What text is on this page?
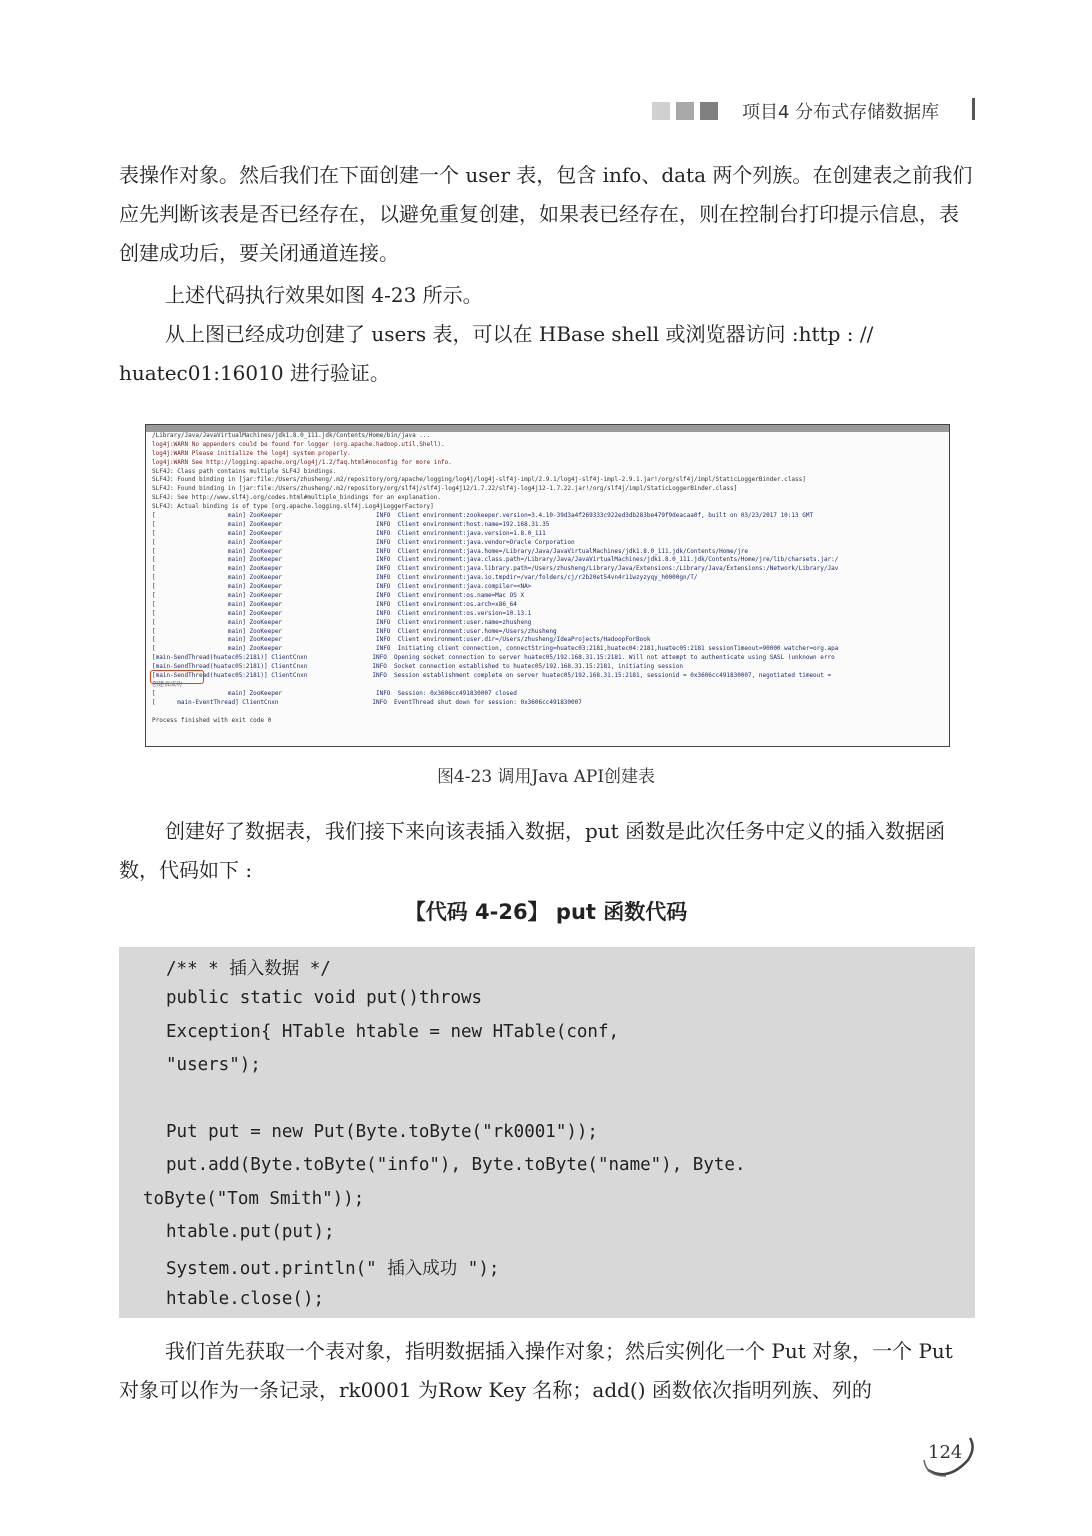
项目4 分布式存储数据库

表操作对象。然后我们在下面创建一个 user 表，包含 info、data 两个列族。在创建表之前我们应先判断该表是否已经存在，以避免重复创建，如果表已经存在，则在控制台打印提示信息，表创建成功后，要关闭通道连接。

上述代码执行效果如图 4-23 所示。

从上图已经成功创建了 users 表，可以在 HBase shell 或浏览器访问 :http : // huatec01:16010 进行验证。

/Library/Java/JavaVirtualMachines/jdk1.8.0_111.jdk/Contents/Home/bin/java ...
log4j:WARN No appenders could be found for logger (org.apache.hadoop.util.Shell).
log4j:WARN Please initialize the log4j system properly.
log4j:WARN See http://logging.apache.org/log4j/1.2/faq.html#noconfig for more info.
SLF4J: Class path contains multiple SLF4J bindings.
SLF4J: Found binding in [jar:file:/Users/zhusheng/.m2/repository/org/apache/logging/log4j/log4j-slf4j-impl/2.9.1/log4j-slf4j-impl-2.9.1.jar!/org/slf4j/impl/StaticLoggerBinder.class]
SLF4J: Found binding in [jar:file:/Users/zhusheng/.m2/repository/org/slf4j/slf4j-log4j12/1.7.22/slf4j-log4j12-1.7.22.jar!/org/slf4j/impl/StaticLoggerBinder.class]
SLF4J: See http://www.slf4j.org/codes.html#multiple_bindings for an explanation.
SLF4J: Actual binding is of type [org.apache.logging.slf4j.Log4jLoggerFactory]
[                    main] ZooKeeper                          INFO  Client environment:zookeeper.version=3.4.10-39d3a4f269333c922ed3db283be479f9deacaa0f, built on 03/23/2017 10:13 GMT
[                    main] ZooKeeper                          INFO  Client environment:host.name=192.168.31.35
[                    main] ZooKeeper                          INFO  Client environment:java.version=1.8.0_111
[                    main] ZooKeeper                          INFO  Client environment:java.vendor=Oracle Corporation
[                    main] ZooKeeper                          INFO  Client environment:java.home=/Library/Java/JavaVirtualMachines/jdk1.8.0_111.jdk/Contents/Home/jre
[                    main] ZooKeeper                          INFO  Client environment:java.class.path=/Library/Java/JavaVirtualMachines/jdk1.8.0_111.jdk/Contents/Home/jre/lib/charsets.jar:/
[                    main] ZooKeeper                          INFO  Client environment:java.library.path=/Users/zhusheng/Library/Java/Extensions:/Library/Java/Extensions:/Network/Library/Jav
[                    main] ZooKeeper                          INFO  Client environment:java.io.tmpdir=/var/folders/cj/r2b20et54vn4r11wzyzyqy_h0000gn/T/
[                    main] ZooKeeper                          INFO  Client environment:java.compiler=<NA>
[                    main] ZooKeeper                          INFO  Client environment:os.name=Mac OS X
[                    main] ZooKeeper                          INFO  Client environment:os.arch=x86_64
[                    main] ZooKeeper                          INFO  Client environment:os.version=10.13.1
[                    main] ZooKeeper                          INFO  Client environment:user.name=zhusheng
[                    main] ZooKeeper                          INFO  Client environment:user.home=/Users/zhusheng
[                    main] ZooKeeper                          INFO  Client environment:user.dir=/Users/zhusheng/IdeaProjects/HadoopForBook
[                    main] ZooKeeper                          INFO  Initiating client connection, connectString=huatec03:2181,huatec04:2181,huatec05:2181 sessionTimeout=90000 watcher=org.apa
[main-SendThread(huatec05:2181)] ClientCnxn                  INFO  Opening socket connection to server huatec05/192.168.31.15:2181. Will not attempt to authenticate using SASL (unknown erro
[main-SendThread(huatec05:2181)] ClientCnxn                  INFO  Socket connection established to huatec05/192.168.31.15:2181, initiating session
[main-SendThread(huatec05:2181)] ClientCnxn                  INFO  Session establishment complete on server huatec05/192.168.31.15:2181, sessionid = 0x3606cc491830007, negotiated timeout =
创建表成功
[                    main] ZooKeeper                          INFO  Session: 0x3606cc491830007 closed
[      main-EventThread] ClientCnxn                          INFO  EventThread shut down for session: 0x3606cc491830007
Process finished with exit code 0
图4-23 调用Java API创建表

创建好了数据表，我们接下来向该表插入数据，put 函数是此次任务中定义的插入数据函数，代码如下 :

【代码 4-26】 put 函数代码
/** * 插入数据 */
public static void put()throws
Exception{ HTable htable = new HTable(conf,
"users");
Put put = new Put(Byte.toByte("rk0001"));
put.add(Byte.toByte("info"), Byte.toByte("name"), Byte.
toByte("Tom Smith"));
htable.put(put);
System.out.println(" 插入成功 ");
htable.close();

我们首先获取一个表对象，指明数据插入操作对象；然后实例化一个 Put 对象，一个 Put 对象可以作为一条记录，rk0001 为Row Key 名称；add() 函数依次指明列族、列的

124
